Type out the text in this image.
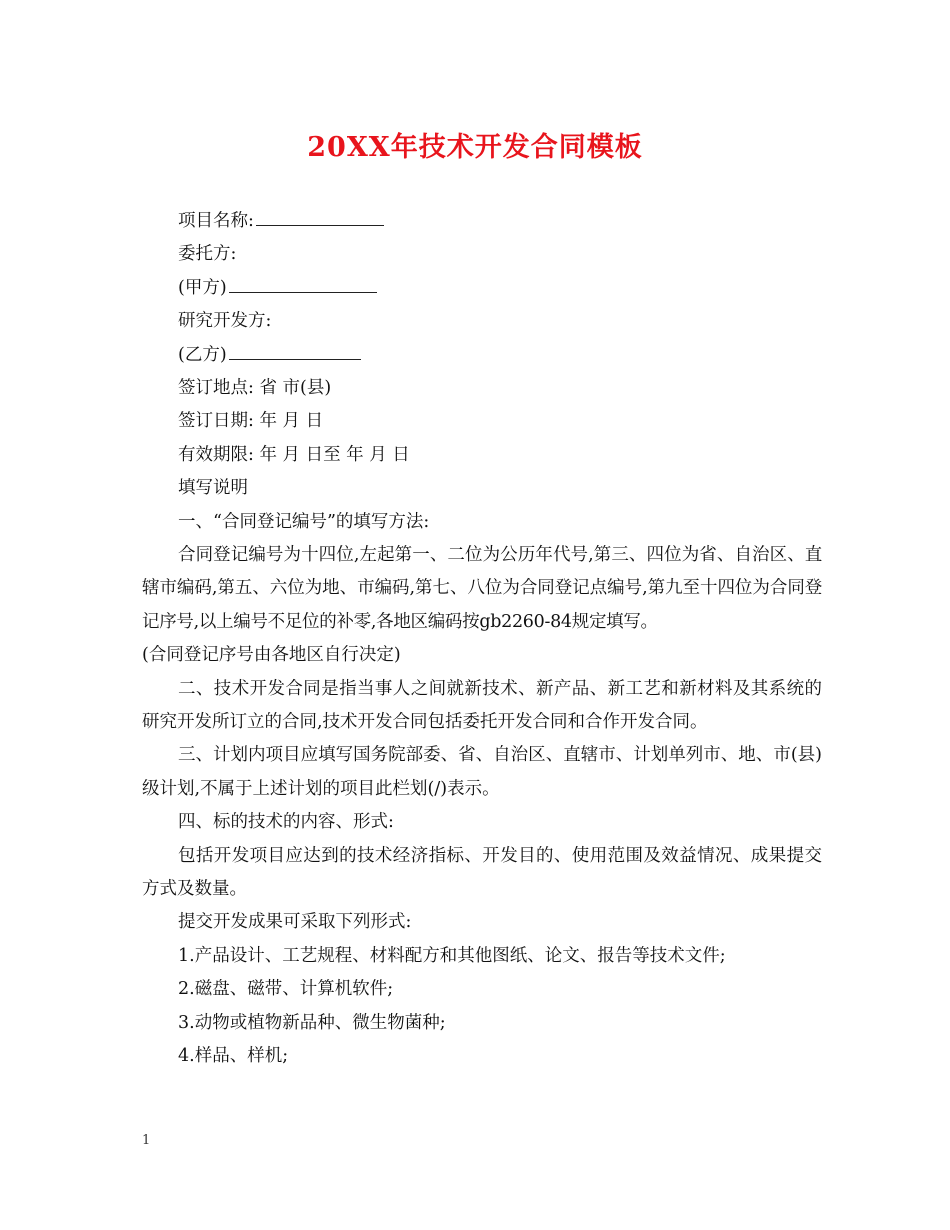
20XX年技术开发合同模板
项目名称:
委托方:
(甲方)
研究开发方:
(乙方)
签订地点: 省 市(县)
签订日期: 年 月 日
有效期限: 年 月 日至 年 月 日
填写说明
一、“合同登记编号”的填写方法:

合同登记编号为十四位,左起第一、二位为公历年代号,第三、四位为省、自治区、直辖市编码,第五、六位为地、市编码,第七、八位为合同登记点编号,第九至十四位为合同登记序号,以上编号不足位的补零,各地区编码按gb2260-84规定填写。

(合同登记序号由各地区自行决定)

二、技术开发合同是指当事人之间就新技术、新产品、新工艺和新材料及其系统的研究开发所订立的合同,技术开发合同包括委托开发合同和合作开发合同。

三、计划内项目应填写国务院部委、省、自治区、直辖市、计划单列市、地、市(县)级计划,不属于上述计划的项目此栏划(/)表示。

四、标的技术的内容、形式:

包括开发项目应达到的技术经济指标、开发目的、使用范围及效益情况、成果提交方式及数量。

提交开发成果可采取下列形式:
1.产品设计、工艺规程、材料配方和其他图纸、论文、报告等技术文件;
2.磁盘、磁带、计算机软件;
3.动物或植物新品种、微生物菌种;
4.样品、样机;
1
